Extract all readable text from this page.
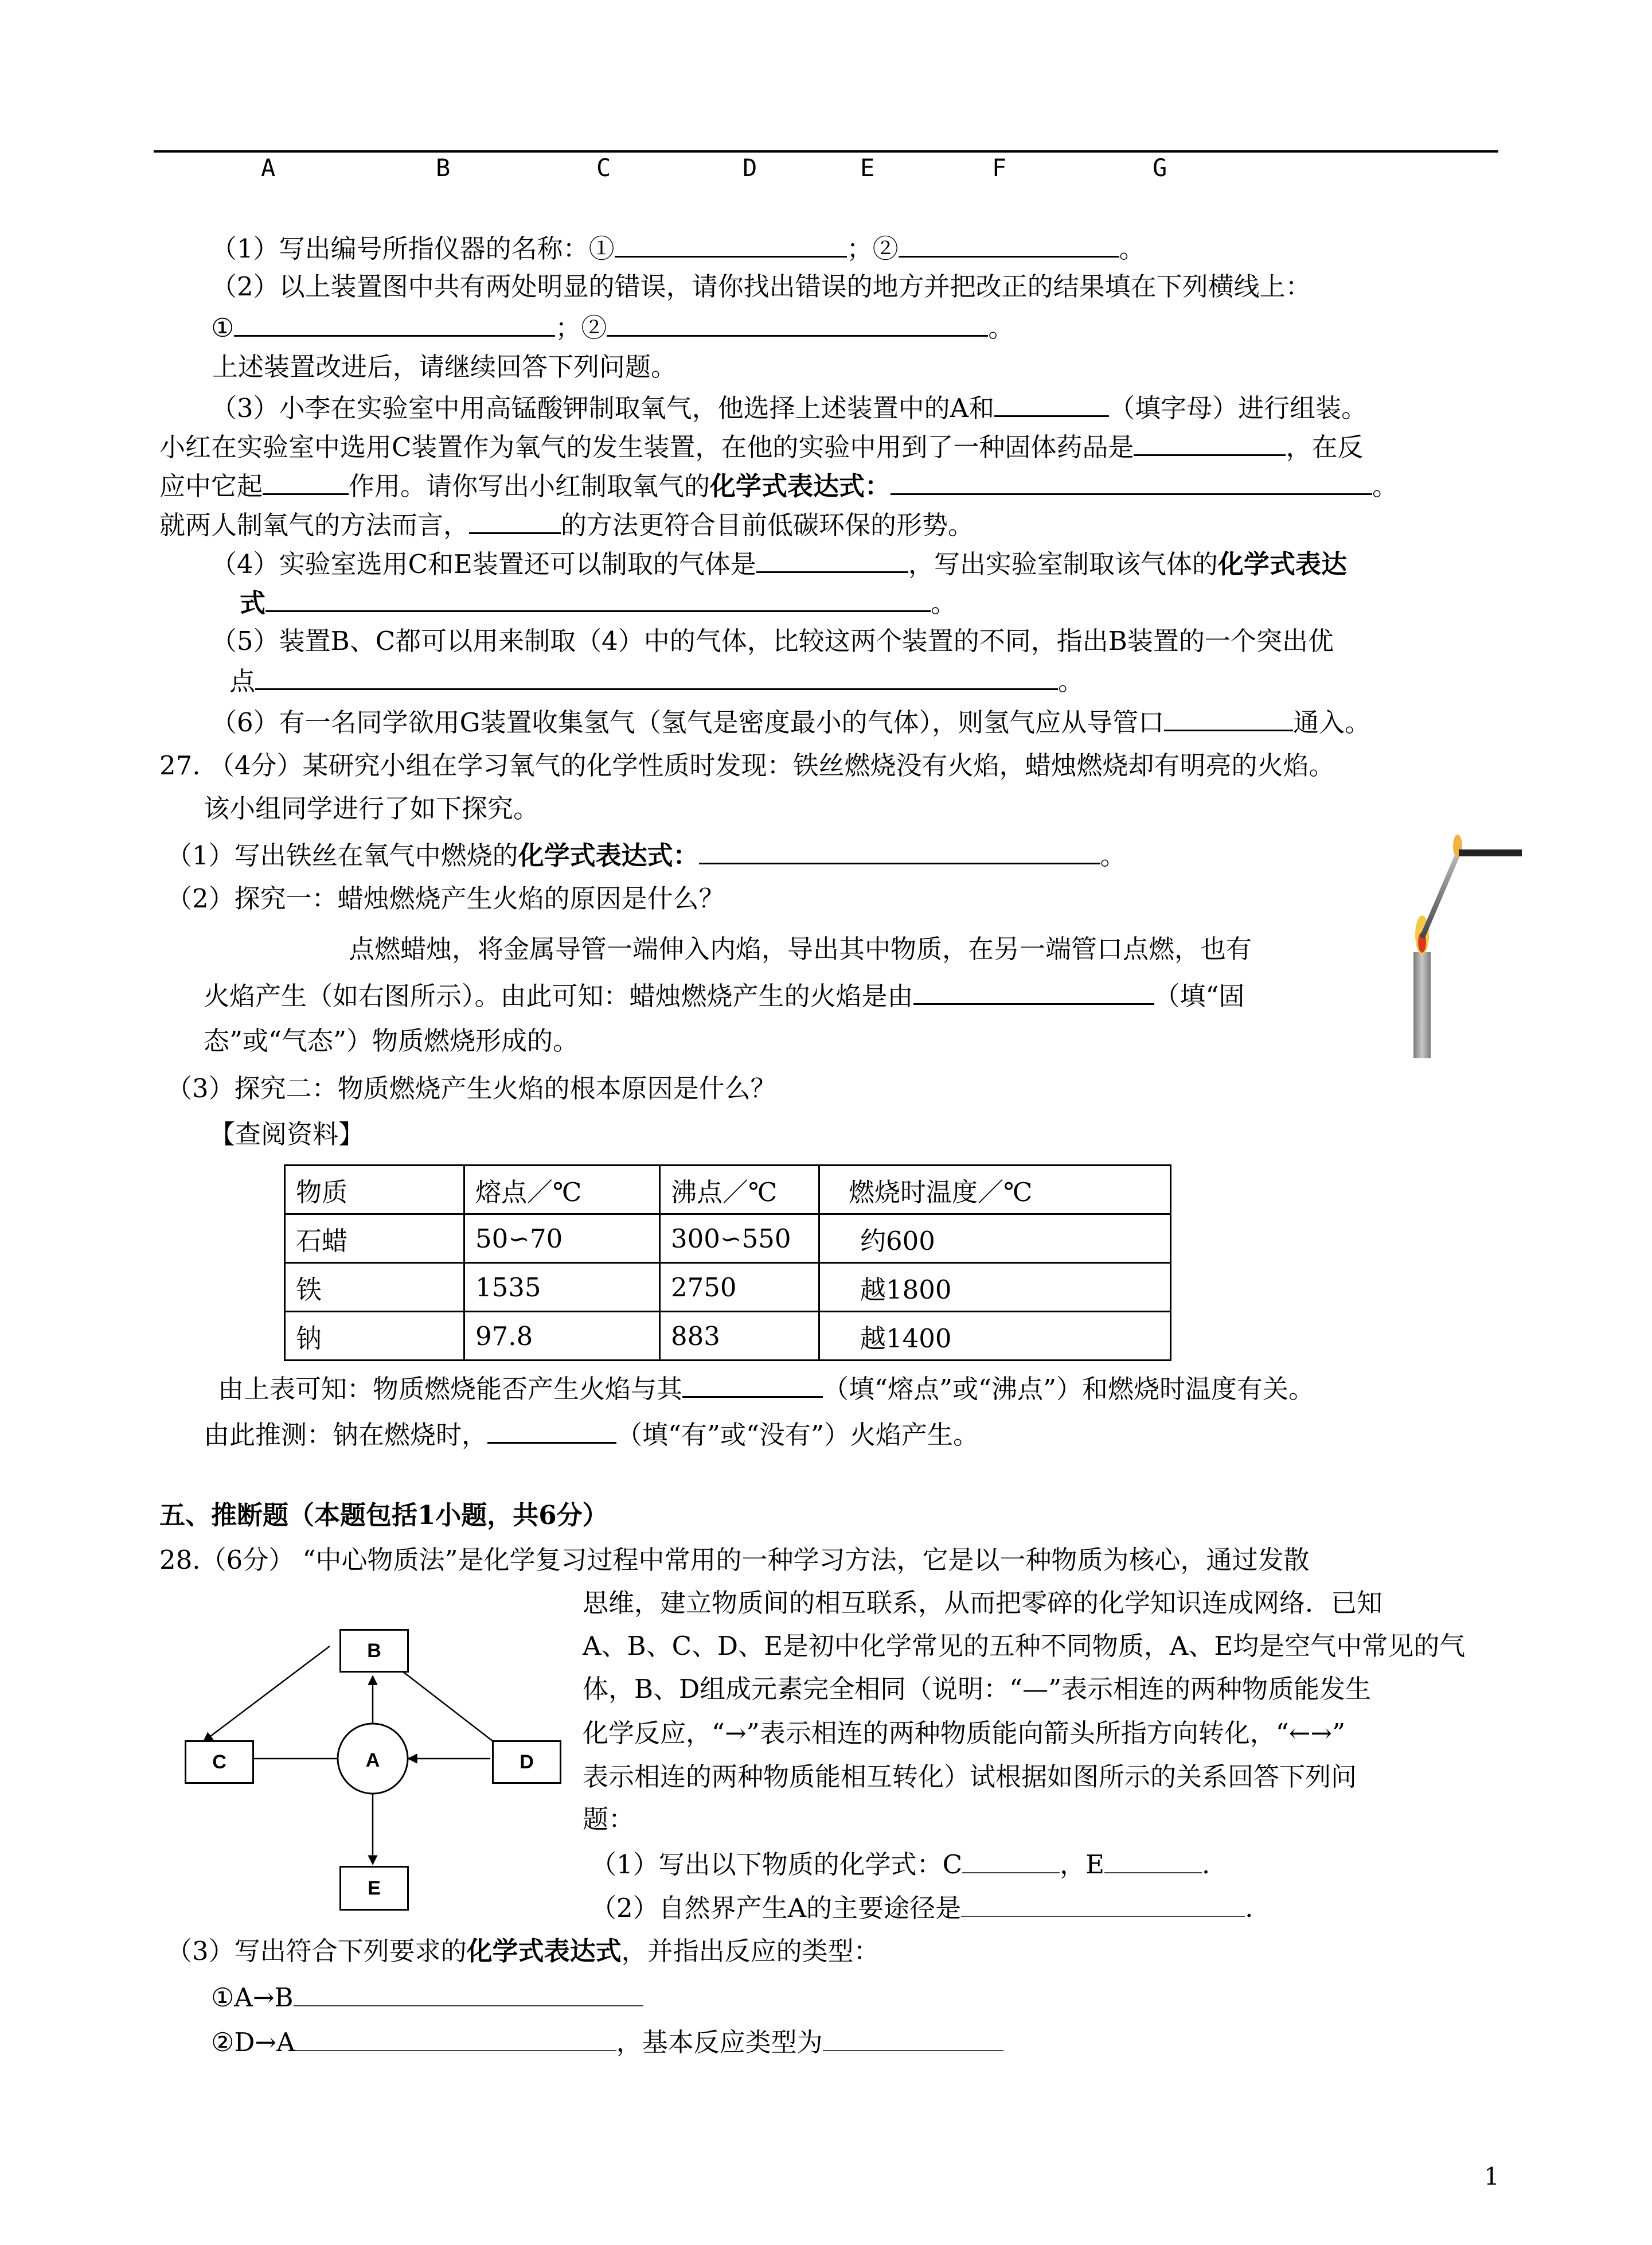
A	B	C	D	E	F	G
（1）写出编号所指仪器的名称：①	；②	。
（2）以上装置图中共有两处明显的错误，请你找出错误的地方并把改正的结果填在下列横线上：
①	；②	。
上述装置改进后，请继续回答下列问题。
（3）小李在实验室中用高锰酸钾制取氧气，他选择上述装置中的A和	（填字母）进行组装。
小红在实验室中选用C装置作为氧气的发生装置，在他的实验中用到了一种固体药品是	，在反
应中它起	作用。请你写出小红制取氧气的化学式表达式：	。
就两人制氧气的方法而言，	的方法更符合目前低碳环保的形势。
（4）实验室选用C和E装置还可以制取的气体是	，写出实验室制取该气体的化学式表达
式	。
（5）装置B、C都可以用来制取（4）中的气体，比较这两个装置的不同，指出B装置的一个突出优
点	。
（6）有一名同学欲用G装置收集氢气（氢气是密度最小的气体），则氢气应从导管口	通入。
27. （4分）某研究小组在学习氧气的化学性质时发现：铁丝燃烧没有火焰，蜡烛燃烧却有明亮的火焰。
该小组同学进行了如下探究。
（1）写出铁丝在氧气中燃烧的化学式表达式：	。
（2）探究一：蜡烛燃烧产生火焰的原因是什么？
点燃蜡烛，将金属导管一端伸入内焰，导出其中物质，在另一端管口点燃，也有
火焰产生（如右图所示）。由此可知：蜡烛燃烧产生的火焰是由	（填“固
态”或“气态”）物质燃烧形成的。
（3）探究二：物质燃烧产生火焰的根本原因是什么？
【查阅资料】
物质	熔点／℃	沸点／℃	燃烧时温度／℃
石蜡	50∽70	300∽550	约600
铁	1535	2750	越1800
钠	97.8	883	越1400
由上表可知：物质燃烧能否产生火焰与其	（填“熔点”或“沸点”）和燃烧时温度有关。
由此推测：钠在燃烧时，	（填“有”或“没有”）火焰产生。
五、推断题（本题包括1小题，共6分）
28.（6分） “中心物质法”是化学复习过程中常用的一种学习方法，它是以一种物质为核心，通过发散
思维，建立物质间的相互联系，从而把零碎的化学知识连成网络．已知
A、B、C、D、E是初中化学常见的五种不同物质，A、E均是空气中常见的气
体，B、D组成元素完全相同（说明：“—”表示相连的两种物质能发生
化学反应，“→”表示相连的两种物质能向箭头所指方向转化，“←→”
表示相连的两种物质能相互转化）试根据如图所示的关系回答下列问
题：
（1）写出以下物质的化学式：C	，E	.
（2）自然界产生A的主要途径是	.
（3）写出符合下列要求的化学式表达式，并指出反应的类型：
①A→B
②D→A	，基本反应类型为
B
C	A	D
E
1
